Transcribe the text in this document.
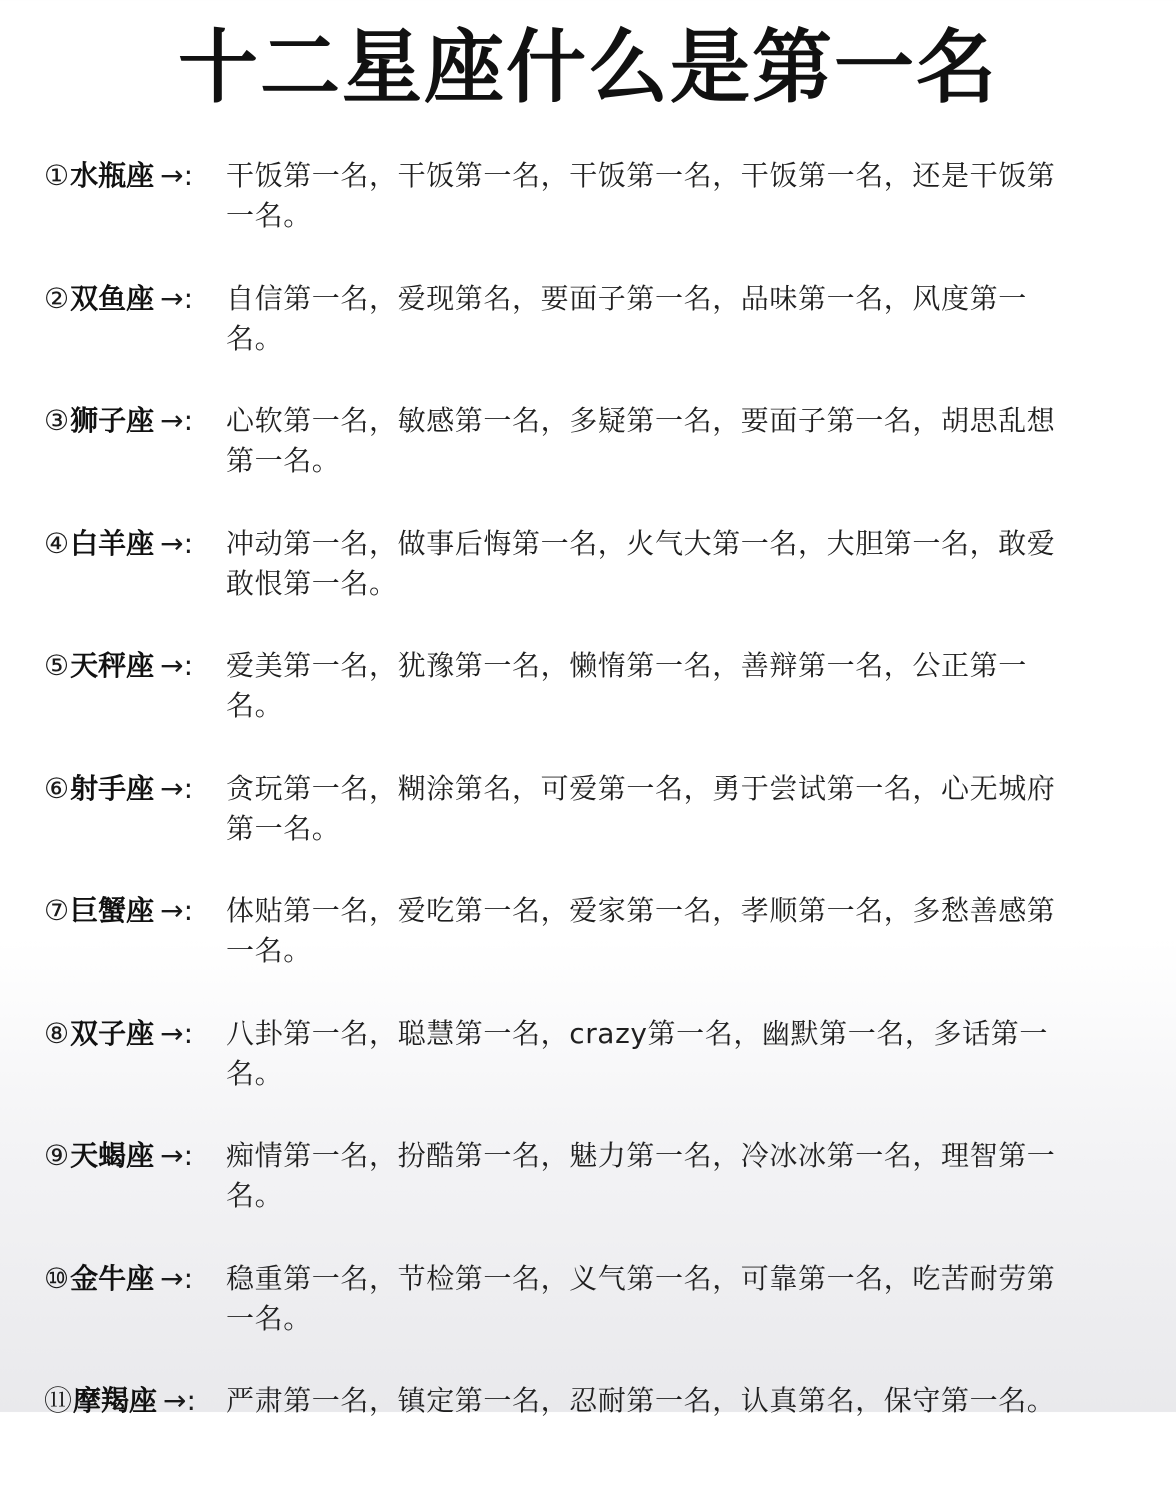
十二星座什么是第一名
①水瓶座 →:	干饭第一名，干饭第一名，干饭第一名，干饭第一名，还是干饭第一名。
②双鱼座 →:	自信第一名，爱现第名，要面子第一名，品味第一名，风度第一名。
③狮子座 →:	心软第一名，敏感第一名，多疑第一名，要面子第一名，胡思乱想第一名。
④白羊座 →:	冲动第一名，做事后悔第一名，火气大第一名，大胆第一名，敢爱敢恨第一名。
⑤天秤座 →:	爱美第一名，犹豫第一名，懒惰第一名，善辩第一名，公正第一名。
⑥射手座 →:	贪玩第一名，糊涂第名，可爱第一名，勇于尝试第一名，心无城府第一名。
⑦巨蟹座 →:	体贴第一名，爱吃第一名，爱家第一名，孝顺第一名，多愁善感第一名。
⑧双子座 →:	八卦第一名，聪慧第一名，crazy第一名，幽默第一名，多话第一名。
⑨天蝎座 →:	痴情第一名，扮酷第一名，魅力第一名，冷冰冰第一名，理智第一名。
⑩金牛座 →:	稳重第一名，节检第一名，义气第一名，可靠第一名，吃苦耐劳第一名。
⑪摩羯座 →:	严肃第一名，镇定第一名，忍耐第一名，认真第名，保守第一名。
